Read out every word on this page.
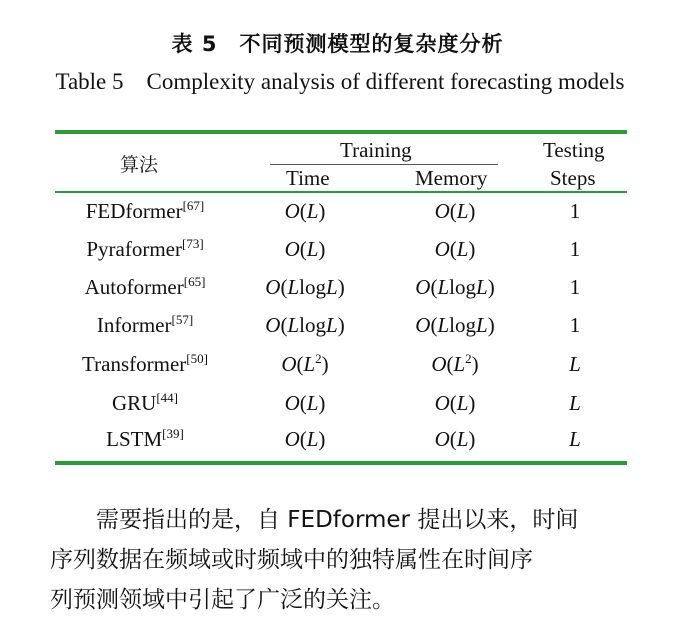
表 5　不同预测模型的复杂度分析
Table 5　Complexity analysis of different forecasting models
算法
Training	Testing
Time	Memory	Steps
FEDformer[67]	O(L)	O(L)	1
Pyraformer[73]	O(L)	O(L)	1
Autoformer[65]	O(LlogL)	O(LlogL)	1
Informer[57]	O(LlogL)	O(LlogL)	1
Transformer[50]	$O(L^2)$	$O(L^2)$	L
GRU[44]	O(L)	O(L)	L
LSTM[39]	O(L)	O(L)	L
需要指出的是，自 FEDformer 提出以来，时间
序列数据在频域或时频域中的独特属性在时间序
列预测领域中引起了广泛的关注。
